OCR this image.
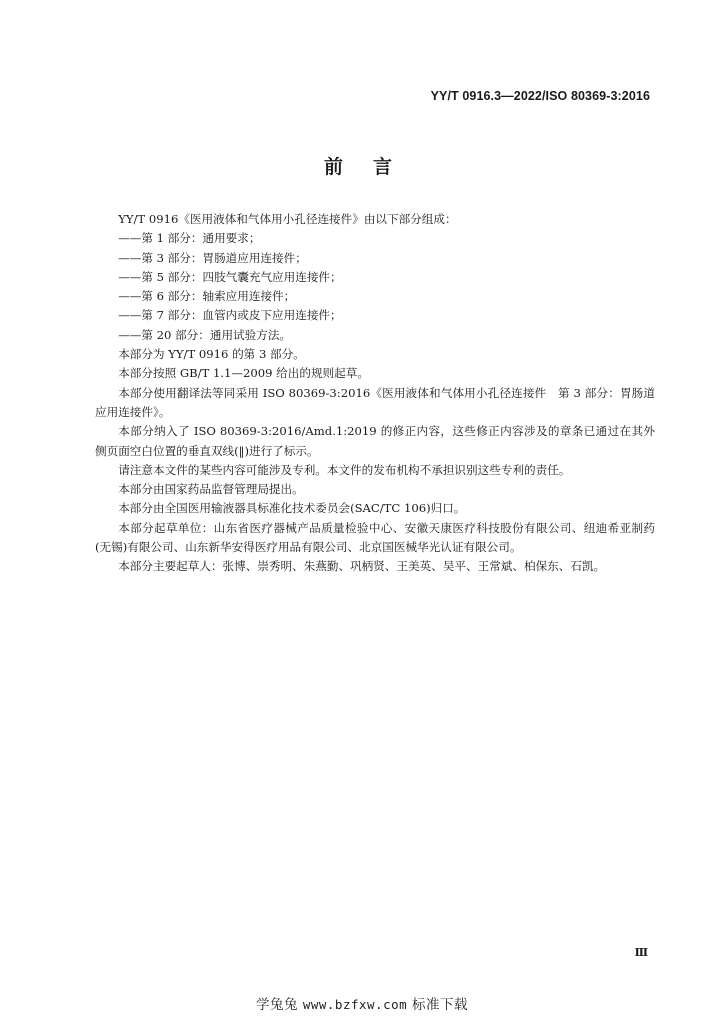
YY/T 0916.3—2022/ISO 80369-3:2016
前言

YY/T 0916《医用液体和气体用小孔径连接件》由以下部分组成：

——第 1 部分：通用要求；

——第 3 部分：胃肠道应用连接件；

——第 5 部分：四肢气囊充气应用连接件；

——第 6 部分：轴索应用连接件；

——第 7 部分：血管内或皮下应用连接件；

——第 20 部分：通用试验方法。

本部分为 YY/T 0916 的第 3 部分。

本部分按照 GB/T 1.1—2009 给出的规则起草。

本部分使用翻译法等同采用 ISO 80369-3:2016《医用液体和气体用小孔径连接件　第 3 部分：胃肠道应用连接件》。

本部分纳入了 ISO 80369-3:2016/Amd.1:2019 的修正内容，这些修正内容涉及的章条已通过在其外侧页面空白位置的垂直双线(‖)进行了标示。

请注意本文件的某些内容可能涉及专利。本文件的发布机构不承担识别这些专利的责任。

本部分由国家药品监督管理局提出。

本部分由全国医用输液器具标准化技术委员会(SAC/TC 106)归口。

本部分起草单位：山东省医疗器械产品质量检验中心、安徽天康医疗科技股份有限公司、纽迪希亚制药(无锡)有限公司、山东新华安得医疗用品有限公司、北京国医械华光认证有限公司。

本部分主要起草人：张博、崇秀明、朱燕勤、巩柄贤、王美英、吴平、王常斌、柏保东、石凯。

Ⅲ
学兔兔 www.bzfxw.com 标准下载
